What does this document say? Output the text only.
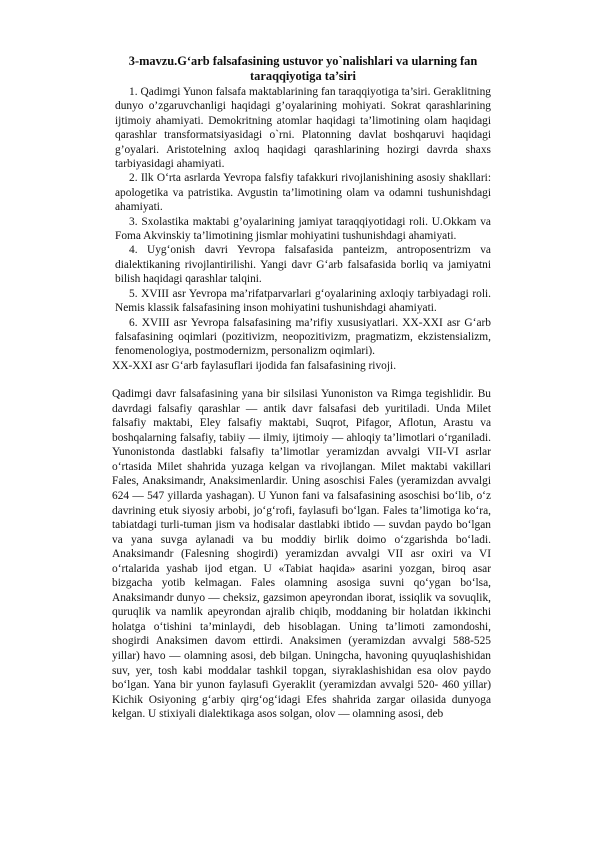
3-mavzu.G‘arb falsafasining ustuvor yo`nalishlari va ularning fan taraqqiyotiga ta’siri
1. Qadimgi Yunon falsafa maktablarining fan taraqqiyotiga ta’siri. Geraklitning dunyo o’zgaruvchanligi haqidagi g’oyalarining mohiyati. Sokrat qarashlarining ijtimoiy ahamiyati. Demokritning atomlar haqidagi ta’limotining olam haqidagi qarashlar transformatsiyasidagi o`rni. Platonning davlat boshqaruvi haqidagi g’oyalari. Aristotelning axloq haqidagi qarashlarining hozirgi davrda shaxs tarbiyasidagi ahamiyati.
2. Ilk O‘rta asrlarda Yevropa falsfiy tafakkuri rivojlanishining asosiy shakllari: apologetika va patristika. Avgustin ta’limotining olam va odamni tushunishdagi ahamiyati.
3. Sxolastika maktabi g’oyalarining jamiyat taraqqiyotidagi roli. U.Okkam va Foma Akvinskiy ta’limotining jismlar mohiyatini tushunishdagi ahamiyati.
4. Uyg‘onish davri Yevropa falsafasida panteizm, antroposentrizm va dialektikaning rivojlantirilishi. Yangi davr G‘arb falsafasida borliq va jamiyatni bilish haqidagi qarashlar talqini.
5. XVIII asr Yevropa ma’rifatparvarlari g‘oyalarining axloqiy tarbiyadagi roli. Nemis klassik falsafasining inson mohiyatini tushunishdagi ahamiyati.
6. XVIII asr Yevropa falsafasining ma’rifiy xususiyatlari. XX-XXI asr G‘arb falsafasining oqimlari (pozitivizm, neopozitivizm, pragmatizm, ekzistensializm, fenomenologiya, postmodernizm, personalizm oqimlari).
XX-XXI asr G‘arb faylasuflari ijodida fan falsafasining rivoji.

Qadimgi davr falsafasining yana bir silsilasi Yunoniston va Rimga tegishlidir. Bu davrdagi falsafiy qarashlar — antik davr falsafasi deb yuritiladi. Unda Milet falsafiy maktabi, Eley falsafiy maktabi, Suqrot, Pifagor, Aflotun, Arastu va boshqalarning falsafiy, tabiiy — ilmiy, ijtimoiy — ahloqiy ta’limotlari o‘rganiladi. Yunonistonda dastlabki falsafiy ta’limotlar yeramizdan avvalgi VII-VI asrlar o‘rtasida Milet shahrida yuzaga kelgan va rivojlangan. Milet maktabi vakillari Fales, Anaksimandr, Anaksimenlardir. Uning asoschisi Fales (yeramizdan avvalgi 624 — 547 yillarda yashagan). U Yunon fani va falsafasining asoschisi bo‘lib, o‘z davrining etuk siyosiy arbobi, jo‘g‘rofi, faylasufi bo‘lgan. Fales ta’limotiga ko‘ra, tabiatdagi turli-tuman jism va hodisalar dastlabki ibtido — suvdan paydo bo‘lgan va yana suvga aylanadi va bu moddiy birlik doimo o‘zgarishda bo‘ladi. Anaksimandr (Falesning shogirdi) yeramizdan avvalgi VII asr oxiri va VI o‘rtalarida yashab ijod etgan. U «Tabiat haqida» asarini yozgan, biroq asar bizgacha yotib kelmagan. Fales olamning asosiga suvni qo‘ygan bo‘lsa, Anaksimandr dunyo — cheksiz, gazsimon apeyrondan iborat, issiqlik va sovuqlik, quruqlik va namlik apeyrondan ajralib chiqib, moddaning bir holatdan ikkinchi holatga o‘tishini ta’minlaydi, deb hisoblagan. Uning ta’limoti zamondoshi, shogirdi Anaksimen davom ettirdi. Anaksimen (yeramizdan avvalgi 588-525 yillar) havo — olamning asosi, deb bilgan. Uningcha, havoning quyuqlashishidan suv, yer, tosh kabi moddalar tashkil topgan, siyraklashishidan esa olov paydo bo‘lgan. Yana bir yunon faylasufi Gyeraklit (yeramizdan avvalgi 520- 460 yillar) Kichik Osiyoning g‘arbiy qirg‘og‘idagi Efes shahrida zargar oilasida dunyoga kelgan. U stixiyali dialektikaga asos solgan, olov — olamning asosi, deb
